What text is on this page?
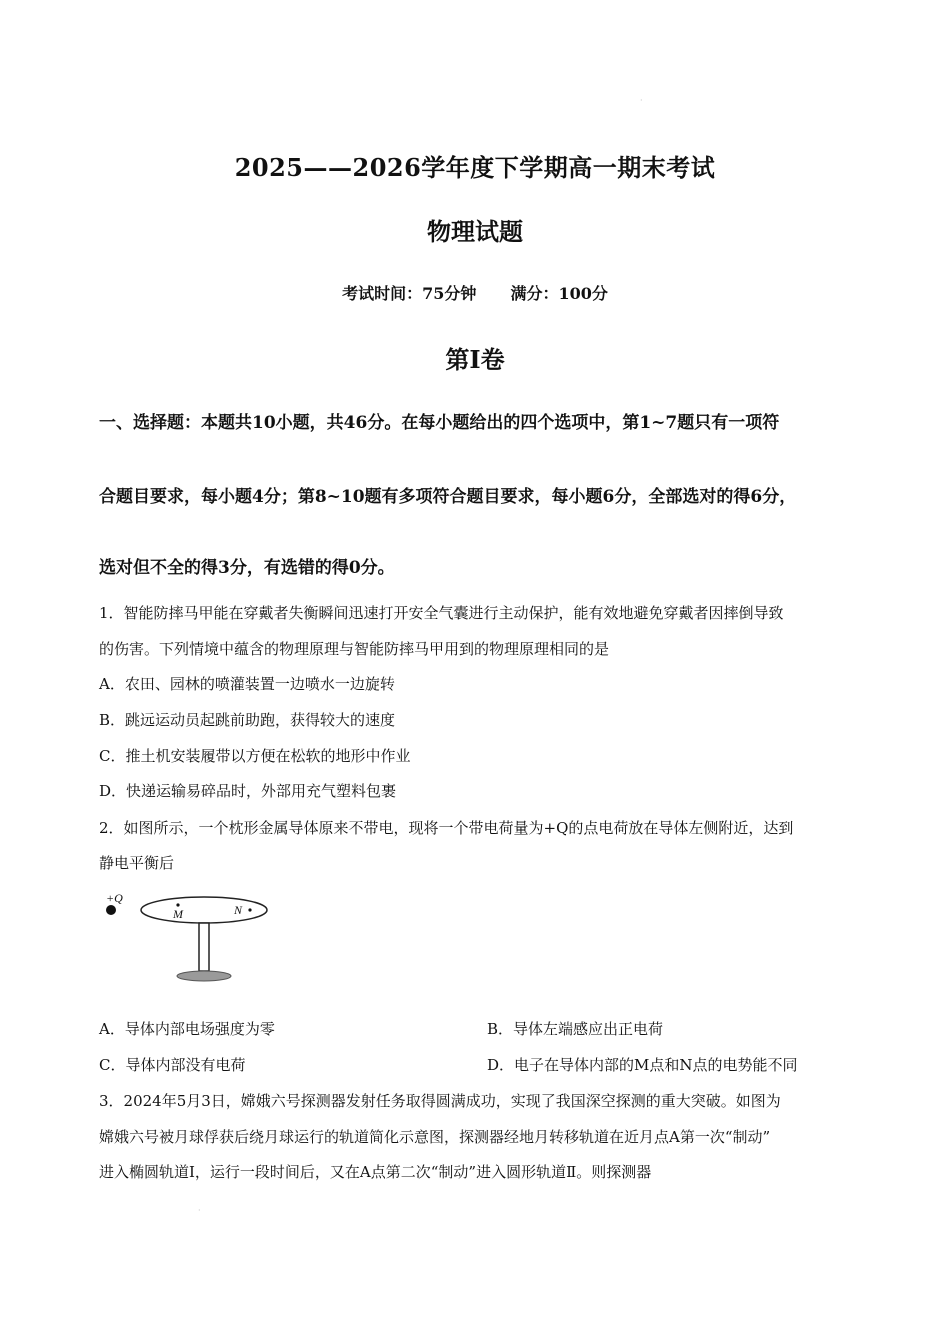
·
·
2025——2026学年度下学期高一期末考试
物理试题
考试时间：75分钟 满分：100分
第Ⅰ卷
一、选择题：本题共10小题，共46分。在每小题给出的四个选项中，第1~7题只有一项符
合题目要求，每小题4分；第8~10题有多项符合题目要求，每小题6分，全部选对的得6分，
选对但不全的得3分，有选错的得0分。
1．智能防摔马甲能在穿戴者失衡瞬间迅速打开安全气囊进行主动保护，能有效地避免穿戴者因摔倒导致
的伤害。下列情境中蕴含的物理原理与智能防摔马甲用到的物理原理相同的是
A．农田、园林的喷灌装置一边喷水一边旋转
B．跳远运动员起跳前助跑，获得较大的速度
C．推土机安装履带以方便在松软的地形中作业
D．快递运输易碎品时，外部用充气塑料包裹
2．如图所示，一个枕形金属导体原来不带电，现将一个带电荷量为+Q的点电荷放在导体左侧附近，达到
静电平衡后
+Q
M	N
A．导体内部电场强度为零	B．导体左端感应出正电荷
C．导体内部没有电荷	D．电子在导体内部的M点和N点的电势能不同
3．2024年5月3日，嫦娥六号探测器发射任务取得圆满成功，实现了我国深空探测的重大突破。如图为
嫦娥六号被月球俘获后绕月球运行的轨道简化示意图，探测器经地月转移轨道在近月点A第一次“制动”
进入椭圆轨道Ⅰ，运行一段时间后，又在A点第二次“制动”进入圆形轨道Ⅱ。则探测器
